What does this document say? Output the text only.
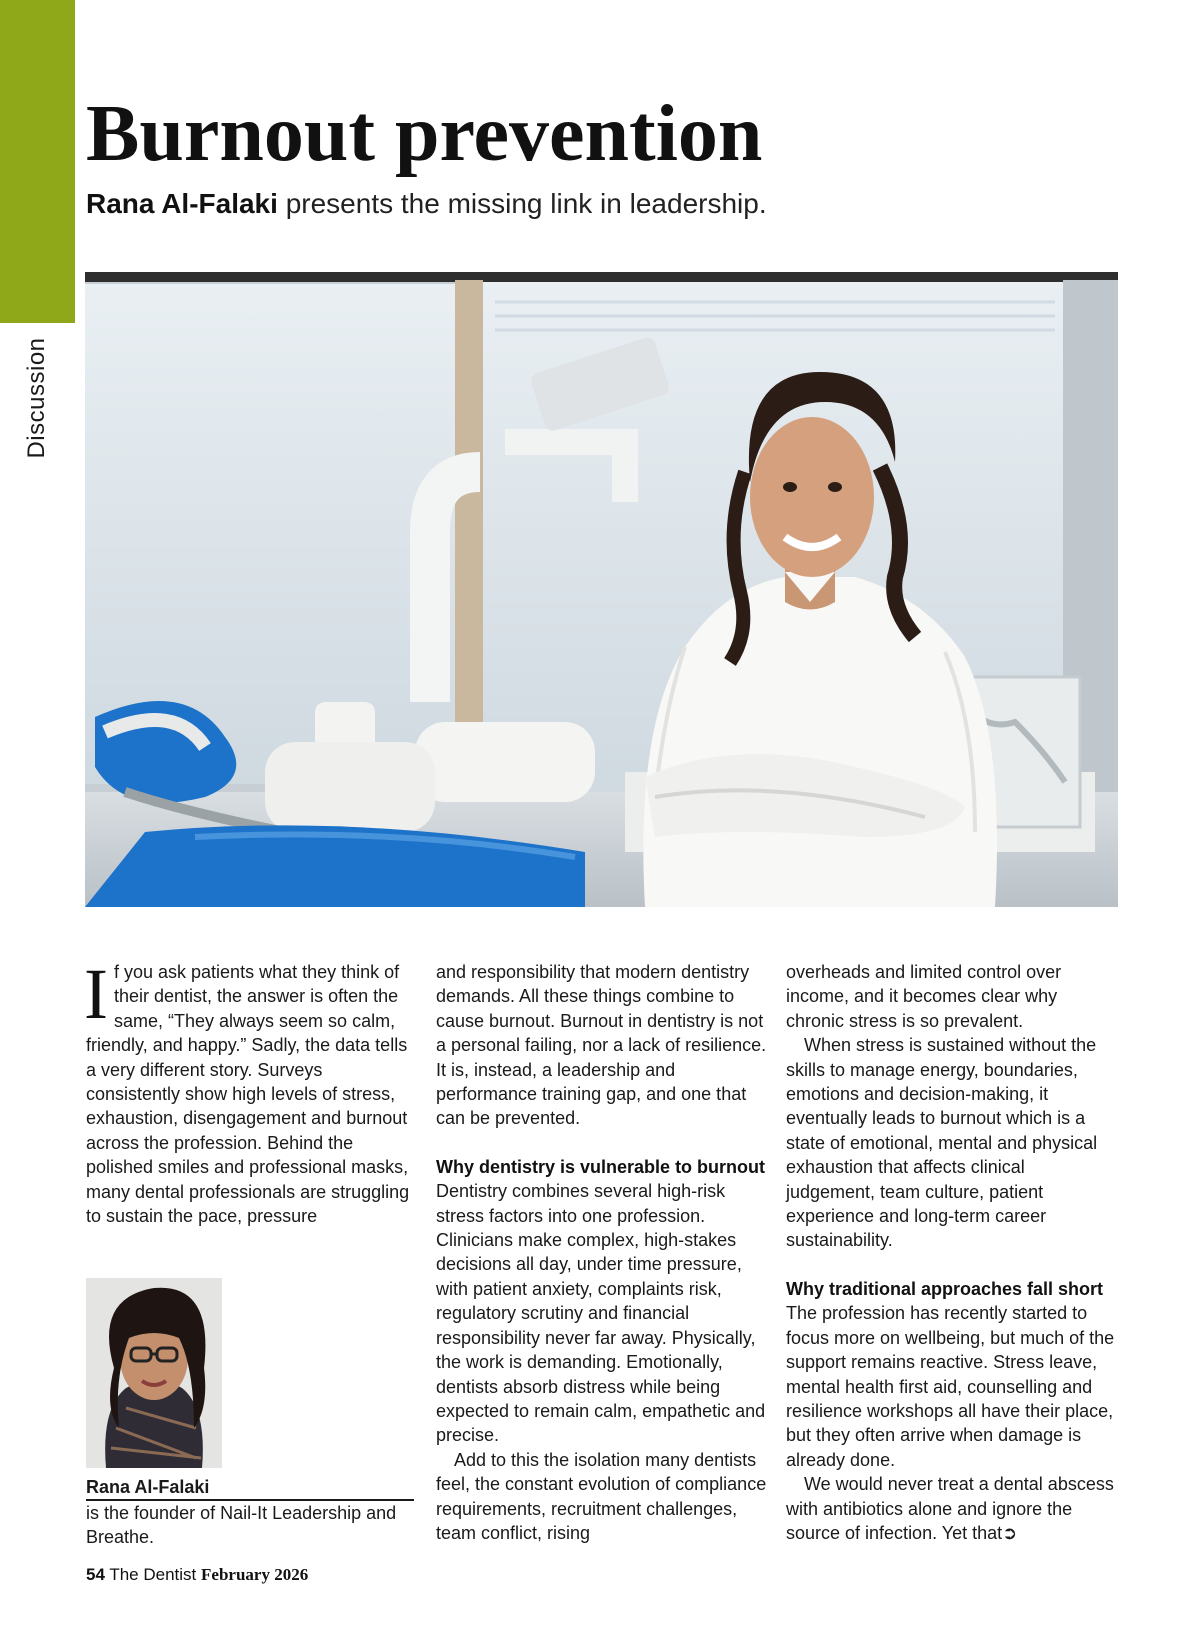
Discussion
Burnout prevention

Rana Al-Falaki presents the missing link in leadership.

If you ask patients what they think of their dentist, the answer is often the same, “They always seem so calm, friendly, and happy.” Sadly, the data tells a very different story. Surveys consistently show high levels of stress, exhaustion, disengagement and burnout across the profession. Behind the polished smiles and professional masks, many dental professionals are struggling to sustain the pace, pressure

and responsibility that modern dentistry demands. All these things combine to cause burnout. Burnout in dentistry is not a personal failing, nor a lack of resilience. It is, instead, a leadership and performance training gap, and one that can be prevented.

Why dentistry is vulnerable to burnout

Dentistry combines several high-risk stress factors into one profession. Clinicians make complex, high-stakes decisions all day, under time pressure, with patient anxiety, complaints risk, regulatory scrutiny and financial responsibility never far away. Physically, the work is demanding. Emotionally, dentists absorb distress while being expected to remain calm, empathetic and precise.

Add to this the isolation many dentists feel, the constant evolution of compliance requirements, recruitment challenges, team conflict, rising

overheads and limited control over income, and it becomes clear why chronic stress is so prevalent.

When stress is sustained without the skills to manage energy, boundaries, emotions and decision-making, it eventually leads to burnout which is a state of emotional, mental and physical exhaustion that affects clinical judgement, team culture, patient experience and long-term career sustainability.

Why traditional approaches fall short

The profession has recently started to focus more on wellbeing, but much of the support remains reactive. Stress leave, mental health first aid, counselling and resilience workshops all have their place, but they often arrive when damage is already done.

We would never treat a dental abscess with antibiotics alone and ignore the source of infection. Yet that➲

Rana Al-Falaki

is the founder of Nail-It Leadership and Breathe.

54 The Dentist February 2026
